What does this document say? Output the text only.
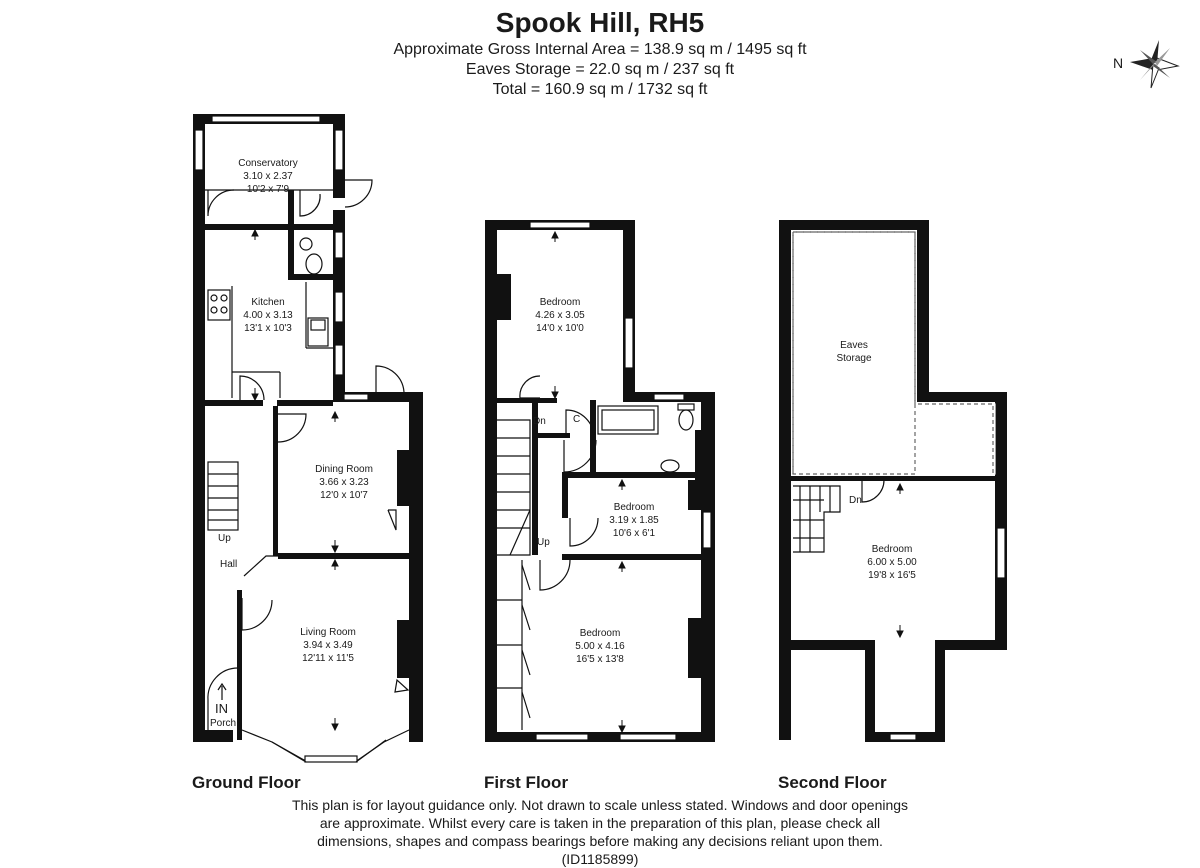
Spook Hill, RH5
Approximate Gross Internal Area = 138.9 sq m / 1495 sq ft
Eaves Storage = 22.0 sq m / 237 sq ft
Total = 160.9 sq m / 1732 sq ft
N
Conservatory
3.10 x 2.37
10'2 x 7'9
Kitchen
4.00 x 3.13
13'1 x 10'3
Dining Room
3.66 x 3.23
12'0 x 10'7
Living Room
3.94 x 3.49
12'11 x 11'5
Up
Hall
IN
Porch
Bedroom
4.26 x 3.05
14'0 x 10'0
Bedroom
3.19 x 1.85
10'6 x 6'1
Bedroom
5.00 x 4.16
16'5 x 13'8
Dn
Up
C
Eaves
Storage
Bedroom
6.00 x 5.00
19'8 x 16'5
Dn
Ground Floor	First Floor	Second Floor
This plan is for layout guidance only. Not drawn to scale unless stated. Windows and door openings
are approximate. Whilst every care is taken in the preparation of this plan, please check all
dimensions, shapes and compass bearings before making any decisions reliant upon them.
(ID1185899)
